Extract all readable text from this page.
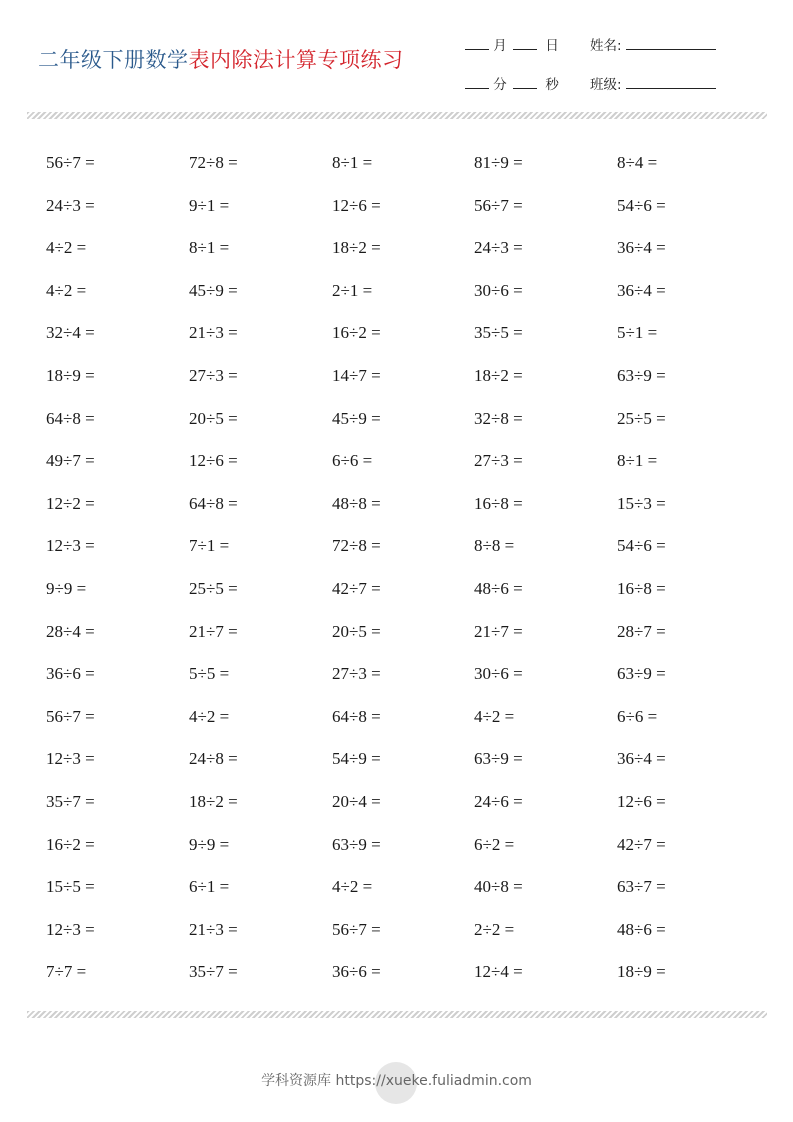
二年级下册数学表内除法计算专项练习
月	日
分	秒
姓名:
班级:
56÷7 =	72÷8 =	8÷1 =	81÷9 =	8÷4 =
24÷3 =	9÷1 =	12÷6 =	56÷7 =	54÷6 =
4÷2 =	8÷1 =	18÷2 =	24÷3 =	36÷4 =
4÷2 =	45÷9 =	2÷1 =	30÷6 =	36÷4 =
32÷4 =	21÷3 =	16÷2 =	35÷5 =	5÷1 =
18÷9 =	27÷3 =	14÷7 =	18÷2 =	63÷9 =
64÷8 =	20÷5 =	45÷9 =	32÷8 =	25÷5 =
49÷7 =	12÷6 =	6÷6 =	27÷3 =	8÷1 =
12÷2 =	64÷8 =	48÷8 =	16÷8 =	15÷3 =
12÷3 =	7÷1 =	72÷8 =	8÷8 =	54÷6 =
9÷9 =	25÷5 =	42÷7 =	48÷6 =	16÷8 =
28÷4 =	21÷7 =	20÷5 =	21÷7 =	28÷7 =
36÷6 =	5÷5 =	27÷3 =	30÷6 =	63÷9 =
56÷7 =	4÷2 =	64÷8 =	4÷2 =	6÷6 =
12÷3 =	24÷8 =	54÷9 =	63÷9 =	36÷4 =
35÷7 =	18÷2 =	20÷4 =	24÷6 =	12÷6 =
16÷2 =	9÷9 =	63÷9 =	6÷2 =	42÷7 =
15÷5 =	6÷1 =	4÷2 =	40÷8 =	63÷7 =
12÷3 =	21÷3 =	56÷7 =	2÷2 =	48÷6 =
7÷7 =	35÷7 =	36÷6 =	12÷4 =	18÷9 =
学科资源库 https://xueke.fuliadmin.com
